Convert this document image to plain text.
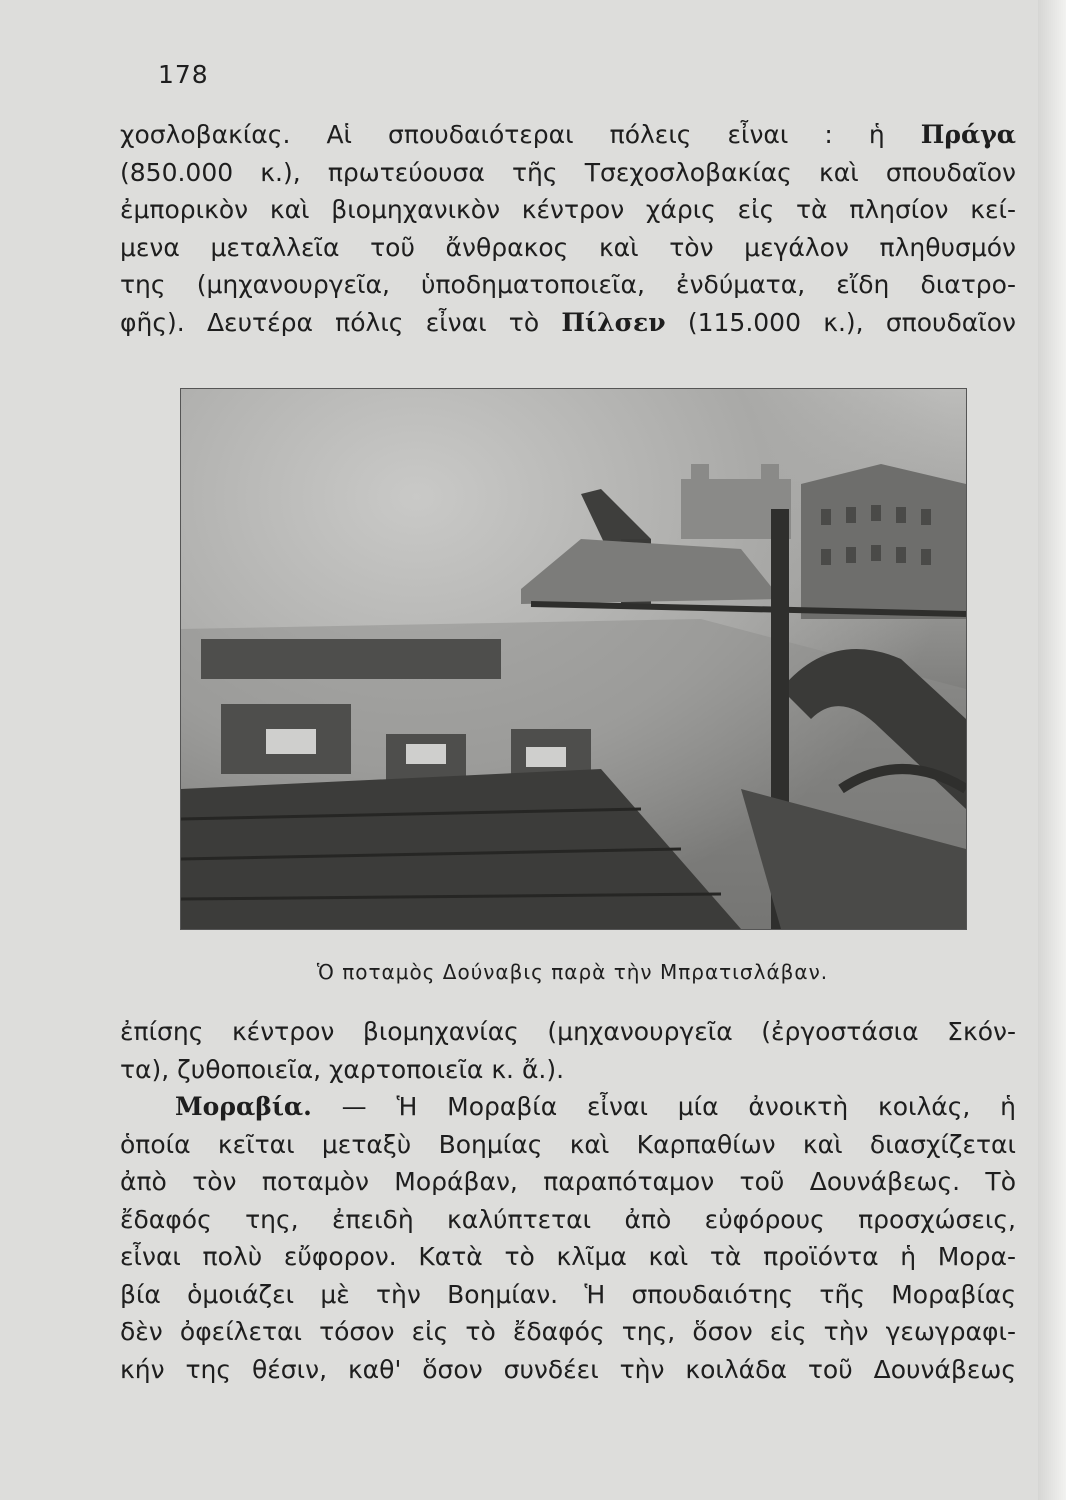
178
χοσλοβακίας. Αἱ σπουδαιότεραι πόλεις εἶναι : ἡ Πράγα
(850.000 κ.), πρωτεύουσα τῆς Τσεχοσλοβακίας καὶ σπουδαῖον
ἐμπορικὸν καὶ βιομηχανικὸν κέντρον χάρις εἰς τὰ πλησίον κεί-
μενα μεταλλεῖα τοῦ ἄνθρακος καὶ τὸν μεγάλον πληθυσμόν
της (μηχανουργεῖα, ὑποδηματοποιεῖα, ἐνδύματα, εἴδη διατρο-
φῆς). Δευτέρα πόλις εἶναι τὸ Πίλσεν (115.000 κ.), σπουδαῖον
Ὁ ποταμὸς Δούναβις παρὰ τὴν Μπρατισλάβαν.
ἐπίσης κέντρον βιομηχανίας (μηχανουργεῖα (ἐργοστάσια Σκόν-
τα), ζυθοποιεῖα, χαρτοποιεῖα κ. ἄ.).
Μοραβία. — Ἡ Μοραβία εἶναι μία ἀνοικτὴ κοιλάς, ἡ
ὁποία κεῖται μεταξὺ Βοημίας καὶ Καρπαθίων καὶ διασχίζεται
ἀπὸ τὸν ποταμὸν Μοράβαν, παραπόταμον τοῦ Δουνάβεως. Τὸ
ἔδαφός της, ἐπειδὴ καλύπτεται ἀπὸ εὐφόρους προσχώσεις,
εἶναι πολὺ εὔφορον. Κατὰ τὸ κλῖμα καὶ τὰ προϊόντα ἡ Μορα-
βία ὁμοιάζει μὲ τὴν Βοημίαν. Ἡ σπουδαιότης τῆς Μοραβίας
δὲν ὀφείλεται τόσον εἰς τὸ ἔδαφός της, ὅσον εἰς τὴν γεωγραφι-
κήν της θέσιν, καθ' ὅσον συνδέει τὴν κοιλάδα τοῦ Δουνάβεως
